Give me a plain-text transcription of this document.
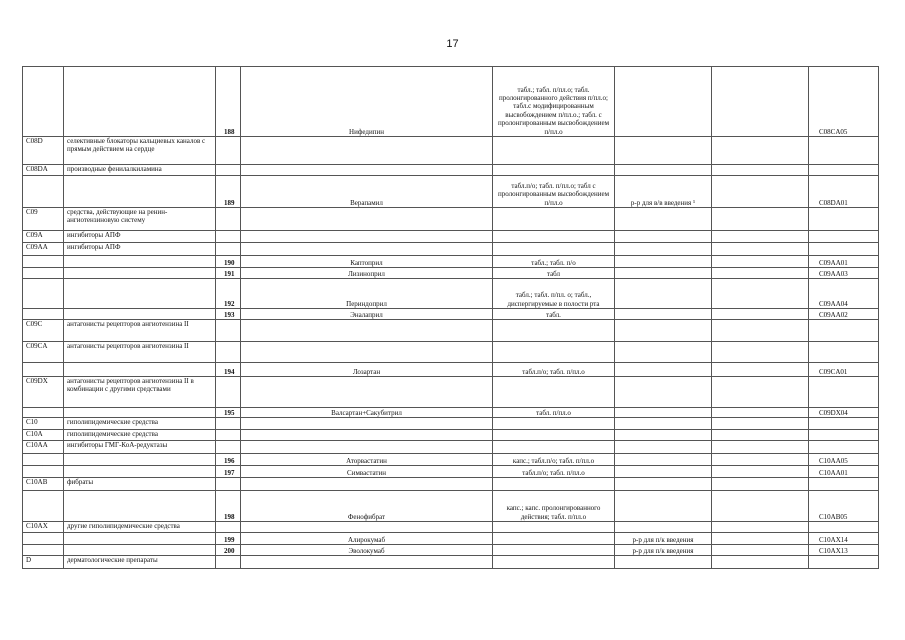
17
		188	Нифедипин	табл.; табл. п/пл.о; табл. пролонгированного действия п/пл.о; табл.с модифицированным высвобождением п/пл.о.; табл. с пролонгированным высвобождением п/пл.о			C08CA05
C08D	селективные блокаторы кальциевых каналов с прямым действием на сердце						
C08DA	производные фенилалкиламина						
		189	Верапамил	табл.п/о; табл. п/пл.о; табл с пролонгированным высвобождением п/пл.о	р-р для в/в введения ¹		C08DA01
C09	средства, действующие на ренин-ангиотензиновую систему						
C09A	ингибиторы АПФ						
C09AA	ингибиторы АПФ						
		190	Каптоприл	табл.; табл. п/о			C09AA01
		191	Лизиноприл	табл			C09AA03
		192	Периндоприл	табл.; табл. п/пл. о; табл., диспергируемые в полости рта			C09AA04
		193	Эналаприл	табл.			C09AA02
C09C	антагонисты рецепторов ангиотензина II						
C09CA	антагонисты рецепторов ангиотензина II						
		194	Лозартан	табл.п/о; табл. п/пл.о			C09CA01
C09DX	антагонисты рецепторов ангиотензина II в комбинации с другими средствами						
		195	Валсартан+Сакубитрил	табл. п/пл.о			C09DX04
C10	гиполипидемические средства						
C10A	гиполипидемические средства						
C10AA	ингибиторы ГМГ-КоА-редуктазы						
		196	Аторвастатин	капс.; табл.п/о; табл. п/пл.о			C10AA05
		197	Симвастатин	табл.п/о; табл. п/пл.о			C10AA01
C10AB	фибраты						
		198	Фенофибрат	капс.; капс. пролонгированного действия; табл. п/пл.о			C10AB05
C10AX	другие гиполипидемические средства						
		199	Алирокумаб		р-р для п/к введения		C10AX14
		200	Эволокумаб		р-р для п/к введения		C10AX13
D	дерматологические препараты						
